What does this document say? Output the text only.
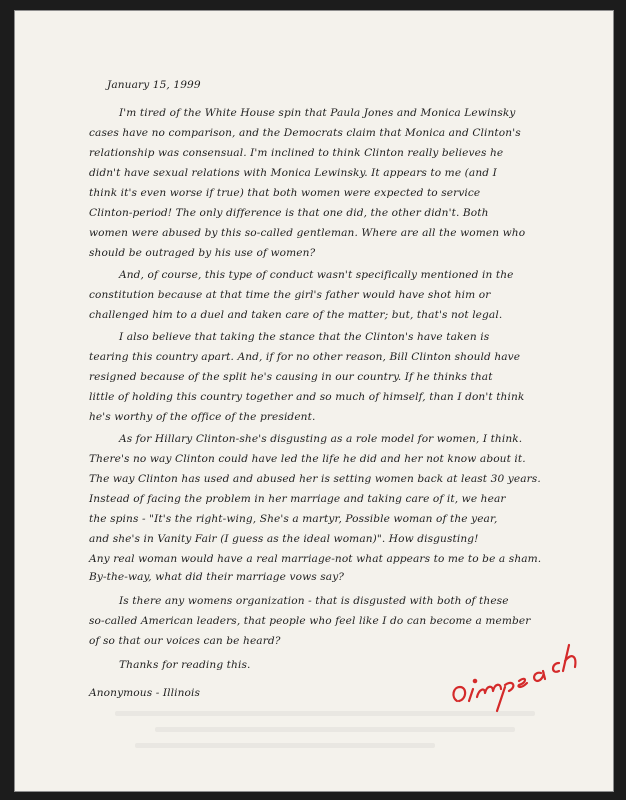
January 15, 1999
I'm tired of the White House spin that Paula Jones and Monica Lewinsky
cases have no comparison, and the Democrats claim that Monica and Clinton's
relationship was consensual. I'm inclined to think Clinton really believes he
didn't have sexual relations with Monica Lewinsky. It appears to me (and I
think it's even worse if true) that both women were expected to service
Clinton-period! The only difference is that one did, the other didn't. Both
women were abused by this so-called gentleman. Where are all the women who
should be outraged by his use of women?
And, of course, this type of conduct wasn't specifically mentioned in the
constitution because at that time the girl's father would have shot him or
challenged him to a duel and taken care of the matter; but, that's not legal.
I also believe that taking the stance that the Clinton's have taken is
tearing this country apart. And, if for no other reason, Bill Clinton should have
resigned because of the split he's causing in our country. If he thinks that
little of holding this country together and so much of himself, than I don't think
he's worthy of the office of the president.
As for Hillary Clinton-she's disgusting as a role model for women, I think.
There's no way Clinton could have led the life he did and her not know about it.
The way Clinton has used and abused her is setting women back at least 30 years.
Instead of facing the problem in her marriage and taking care of it, we hear
the spins - "It's the right-wing, She's a martyr, Possible woman of the year,
and she's in Vanity Fair (I guess as the ideal woman)". How disgusting!
Any real woman would have a real marriage-not what appears to me to be a sham.
By-the-way, what did their marriage vows say?
Is there any womens organization - that is disgusted with both of these
so-called American leaders, that people who feel like I do can become a member
of so that our voices can be heard?
Thanks for reading this.
Anonymous - Illinois
